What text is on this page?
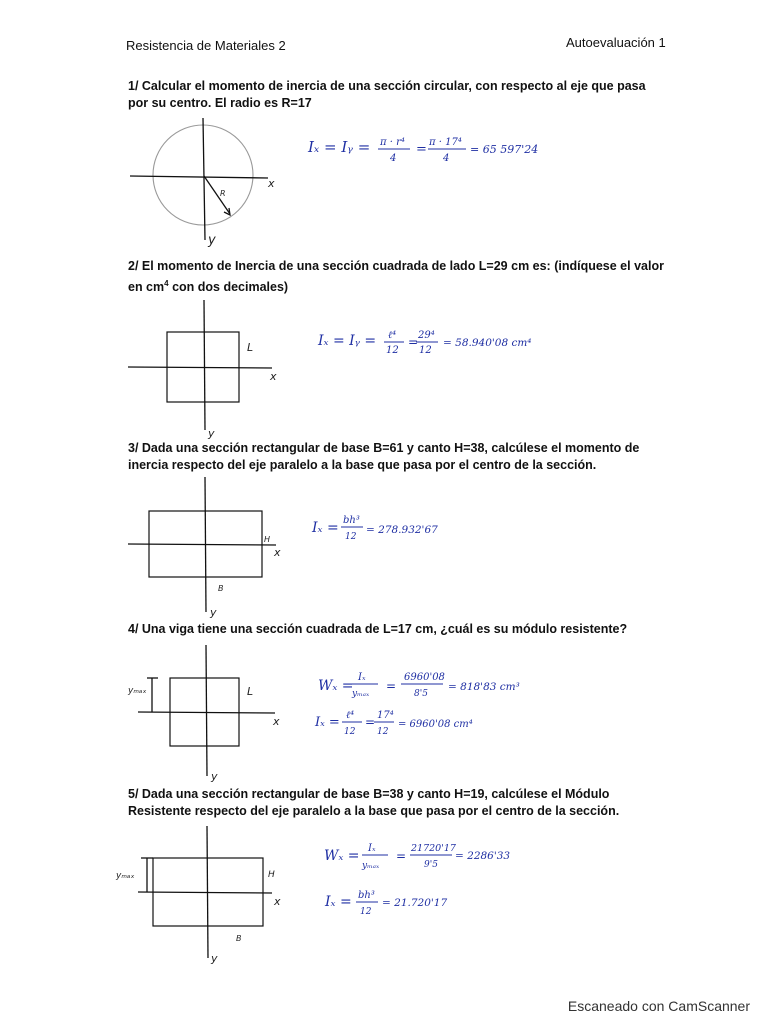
Resistencia de Materiales 2	Autoevaluación 1
1/ Calcular el momento de inercia de una sección circular, con respecto al eje que pasa por su centro. El radio es R=17
2/ El momento de Inercia de una sección cuadrada de lado L=29 cm es: (indíquese el valor en $cm^4$ con dos decimales)
3/ Dada una sección rectangular de base B=61 y canto H=38, calcúlese el momento de inercia respecto del eje paralelo a la base que pasa por el centro de la sección.
4/ Una viga tiene una sección cuadrada de L=17 cm, ¿cuál es su módulo resistente?
5/ Dada una sección rectangular de base B=38 y canto H=19, calcúlese el Módulo Resistente respecto del eje paralelo a la base que pasa por el centro de la sección.
R
x
y
Iₓ = Iᵧ = π · r⁴
4
= π · 17⁴
4
= 65 597'24
L
x
y
Iₓ = Iᵧ = ℓ⁴
12
= 29⁴
12
= 58.940'08 cm⁴
H
x
B
y
Iₓ = bh³
12
= 278.932'67
yₘₐₓ	L
x
y
Wₓ =
Iₓ
yₘₐₓ
=
6960'08
8'5
= 818'83 cm³
Iₓ = ℓ⁴
12
= 17⁴
12
= 6960'08 cm⁴
yₘₐₓ	H
x
B
y
Wₓ = Iₓ
yₘₐₓ
=
21720'17
9'5
= 2286'33
Iₓ = bh³
12
= 21.720'17
Escaneado con CamScanner
